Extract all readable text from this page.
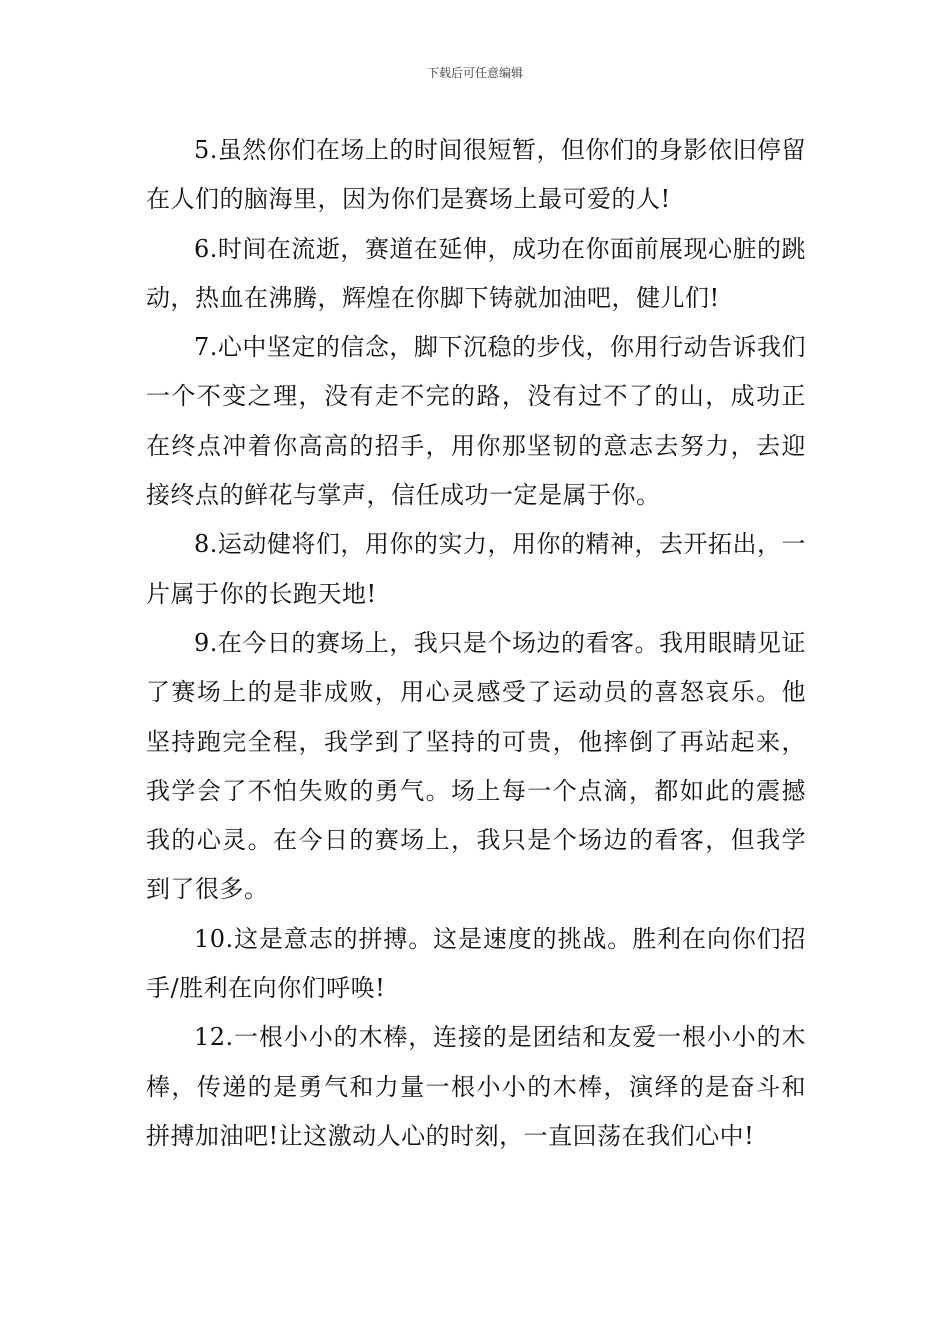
下载后可任意编辑

5.虽然你们在场上的时间很短暂，但你们的身影依旧停留在人们的脑海里，因为你们是赛场上最可爱的人!

6.时间在流逝，赛道在延伸，成功在你面前展现心脏的跳动，热血在沸腾，辉煌在你脚下铸就加油吧，健儿们!

7.心中坚定的信念，脚下沉稳的步伐，你用行动告诉我们一个不变之理，没有走不完的路，没有过不了的山，成功正在终点冲着你高高的招手，用你那坚韧的意志去努力，去迎接终点的鲜花与掌声，信任成功一定是属于你。

8.运动健将们，用你的实力，用你的精神，去开拓出，一片属于你的长跑天地!

9.在今日的赛场上，我只是个场边的看客。我用眼睛见证了赛场上的是非成败，用心灵感受了运动员的喜怒哀乐。他坚持跑完全程，我学到了坚持的可贵，他摔倒了再站起来，我学会了不怕失败的勇气。场上每一个点滴，都如此的震撼我的心灵。在今日的赛场上，我只是个场边的看客，但我学到了很多。

10.这是意志的拼搏。这是速度的挑战。胜利在向你们招手/胜利在向你们呼唤!

12.一根小小的木棒，连接的是团结和友爱一根小小的木棒，传递的是勇气和力量一根小小的木棒，演绎的是奋斗和拼搏加油吧!让这激动人心的时刻，一直回荡在我们心中!
